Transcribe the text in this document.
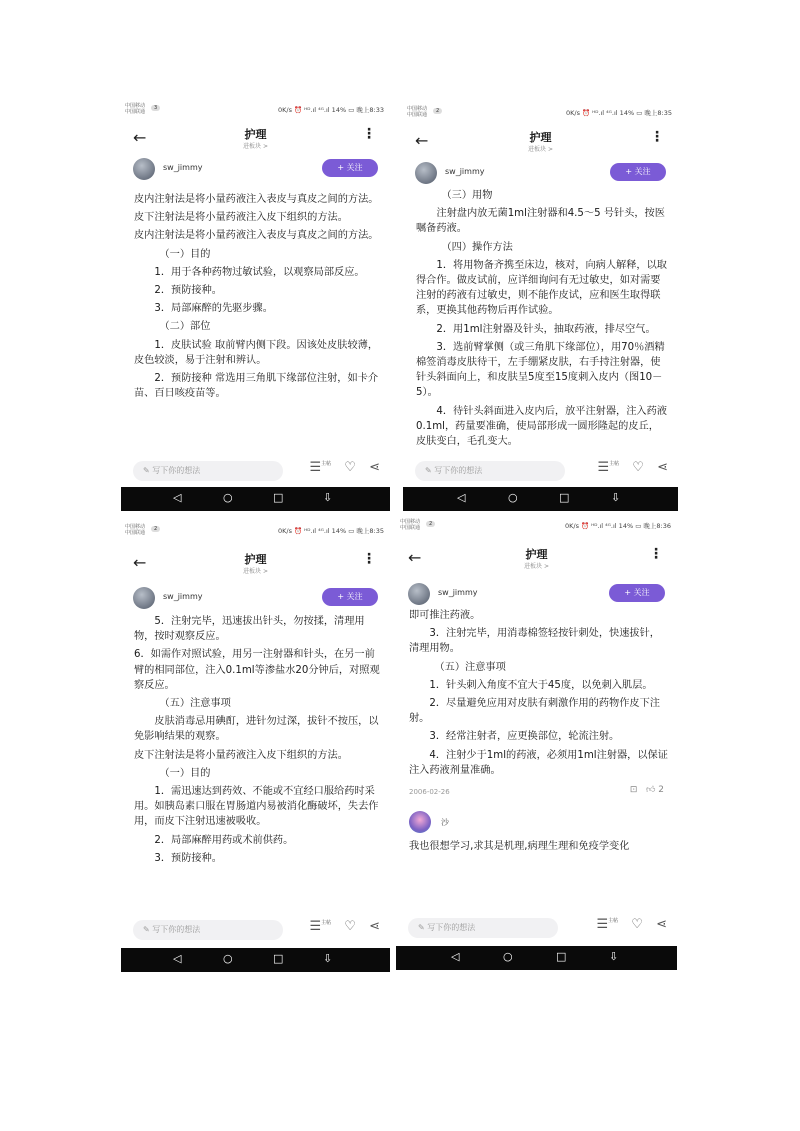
中国移动
中国联通
3	0K/s ⏰ ᴴᴰ.ıl ⁴ᴳ.ıl 14% ▭ 晚上8:33
←	护理
进板块 >
⋮
sw_jimmy	+ 关注

皮内注射法是将小量药液注入表皮与真皮之间的方法。

皮下注射法是将小量药液注入皮下组织的方法。

皮内注射法是将小量药液注入表皮与真皮之间的方法。

（一）目的

1．用于各种药物过敏试验，以观察局部反应。

2．预防接种。

3．局部麻醉的先驱步骤。

（二）部位

1．皮肤试验 取前臂内侧下段。因该处皮肤较薄，皮色较淡，易于注射和辨认。

2．预防接种 常选用三角肌下缘部位注射，如卡介苗、百日咳疫苗等。

✎ 写下你的想法	☰$^{主帖}$ ♡ ⋖
◁	○	□	⇩
中国移动
中国联通
2	0K/s ⏰ ᴴᴰ.ıl ⁴ᴳ.ıl 14% ▭ 晚上8:35
←	护理
进板块 >
⋮
sw_jimmy	+ 关注

（三）用物

注射盘内放无菌1ml注射器和4.5～5 号针头，按医嘱备药液。

（四）操作方法

1．将用物备齐携至床边，核对，向病人解释，以取得合作。做皮试前，应详细询问有无过敏史，如对需要注射的药液有过敏史，则不能作皮试，应和医生取得联系，更换其他药物后再作试验。

2．用1ml注射器及针头，抽取药液，排尽空气。

3．选前臂掌侧（或三角肌下缘部位），用70％酒精棉签消毒皮肤待干，左手绷紧皮肤，右手持注射器，使针头斜面向上，和皮肤呈5度至15度刺入皮内（图10－5）。

4．待针头斜面进入皮内后，放平注射器，注入药液0.1ml，药量要准确，使局部形成一圆形隆起的皮丘，皮肤变白，毛孔变大。

✎ 写下你的想法	☰$^{主帖}$ ♡ ⋖
◁	○	□	⇩
中国移动
中国联通
2	0K/s ⏰ ᴴᴰ.ıl ⁴ᴳ.ıl 14% ▭ 晚上8:35
←	护理
进板块 >
⋮
sw_jimmy	+ 关注

5．注射完毕，迅速拔出针头，勿按揉，清理用物，按时观察反应。

6．如需作对照试验，用另一注射器和针头，在另一前臂的相同部位，注入0.1ml等渗盐水20分钟后，对照观察反应。

（五）注意事项

皮肤消毒忌用碘酊，进针勿过深，拔针不按压，以免影响结果的观察。

皮下注射法是将小量药液注入皮下组织的方法。

（一）目的

1．需迅速达到药效、不能或不宜经口服给药时采用。如胰岛素口服在胃肠道内易被消化酶破坏，失去作用，而皮下注射迅速被吸收。

2．局部麻醉用药或术前供药。

3．预防接种。

✎ 写下你的想法	☰$^{主帖}$ ♡ ⋖
◁	○	□	⇩
中国移动
中国联通
2	0K/s ⏰ ᴴᴰ.ıl ⁴ᴳ.ıl 14% ▭ 晚上8:36
←	护理
进板块 >
⋮
sw_jimmy	+ 关注

即可推注药液。

3．注射完毕，用消毒棉签轻按针刺处，快速拔针，清理用物。

（五）注意事项

1．针头刺入角度不宜大于45度，以免刺入肌层。

2．尽量避免应用对皮肤有刺激作用的药物作皮下注射。

3．经常注射者，应更换部位，轮流注射。

4．注射少于1ml的药液，必须用1ml注射器，以保证注入药液剂量准确。

2006-02-26	⊡ 👍︎ 2
沙

我也很想学习,求其是机理,病理生理和免疫学变化

✎ 写下你的想法	☰$^{主帖}$ ♡ ⋖
◁	○	□	⇩
